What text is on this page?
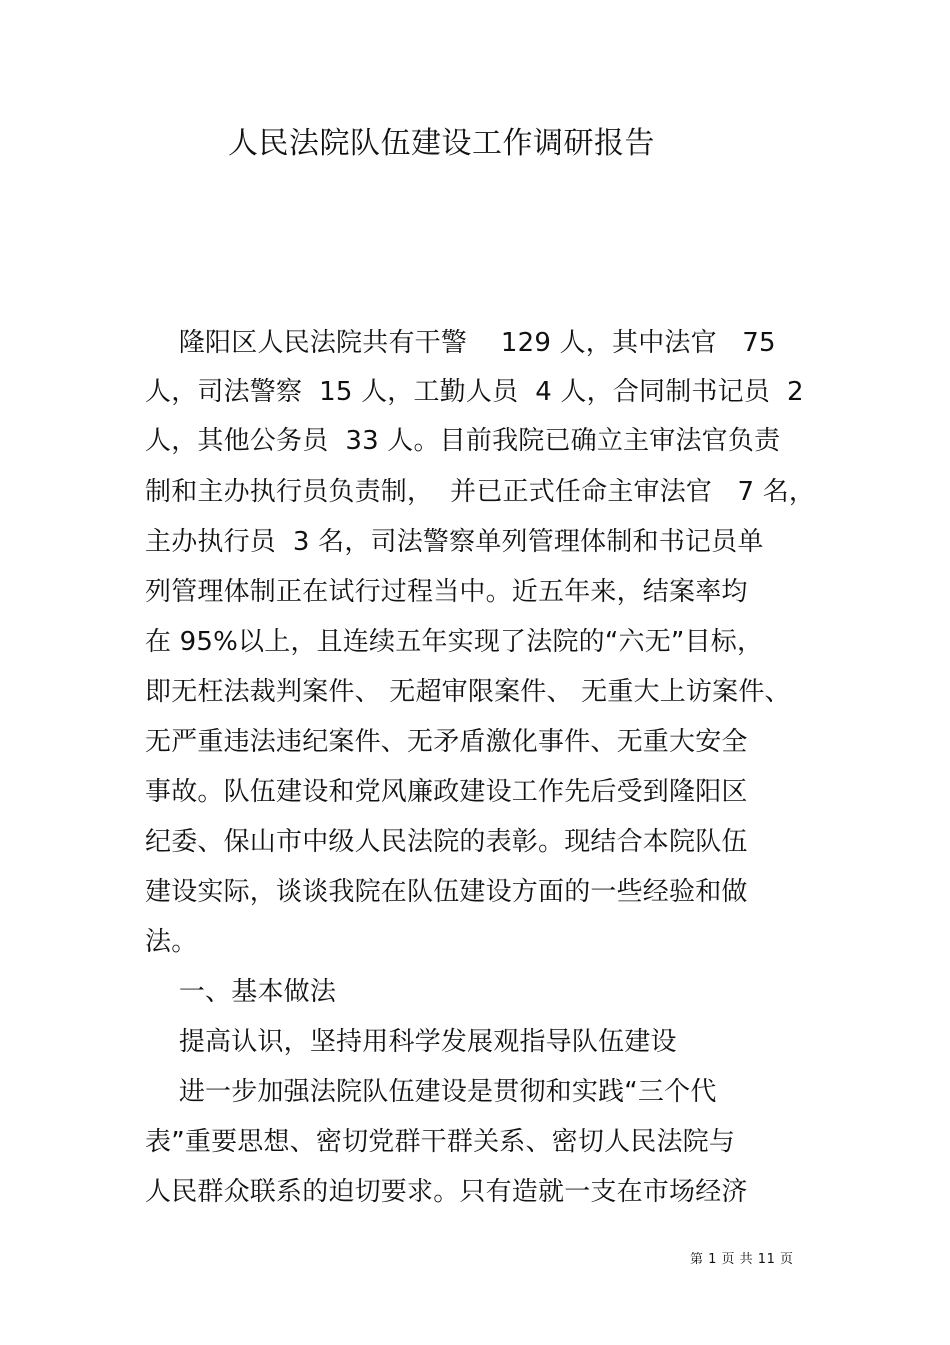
人民法院队伍建设工作调研报告
隆阳区人民法院共有干警    129 人，其中法官   75
人，司法警察  15 人，工勤人员  4 人，合同制书记员  2
人，其他公务员  33 人。目前我院已确立主审法官负责
制和主办执行员负责制，  并已正式任命主审法官   7 名，
主办执行员  3 名，司法警察单列管理体制和书记员单
列管理体制正在试行过程当中。近五年来，结案率均
在 95%以上，且连续五年实现了法院的“六无”目标，
即无枉法裁判案件、 无超审限案件、 无重大上访案件、
无严重违法违纪案件、无矛盾激化事件、无重大安全
事故。队伍建设和党风廉政建设工作先后受到隆阳区
纪委、保山市中级人民法院的表彰。现结合本院队伍
建设实际，谈谈我院在队伍建设方面的一些经验和做
法。
一、基本做法
提高认识，坚持用科学发展观指导队伍建设
进一步加强法院队伍建设是贯彻和实践“三个代
表”重要思想、密切党群干群关系、密切人民法院与
人民群众联系的迫切要求。只有造就一支在市场经济
第 1 页 共 11 页
